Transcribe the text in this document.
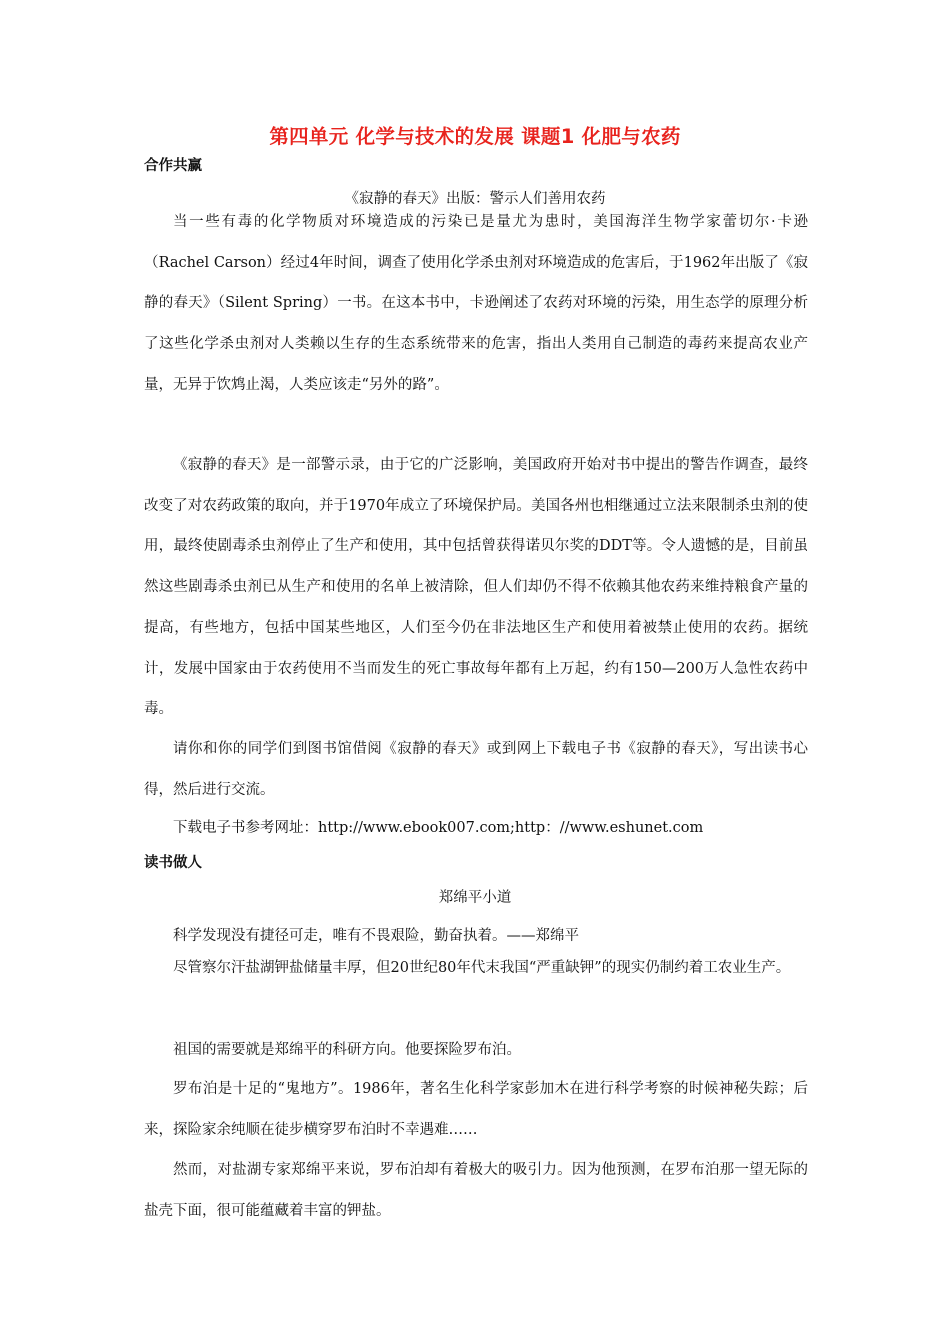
第四单元 化学与技术的发展 课题1 化肥与农药
合作共赢
《寂静的春天》出版：警示人们善用农药

当一些有毒的化学物质对环境造成的污染已是量尤为患时，美国海洋生物学家蕾切尔·卡逊（Rachel Carson）经过4年时间，调查了使用化学杀虫剂对环境造成的危害后，于1962年出版了《寂静的春天》（Silent Spring）一书。在这本书中，卡逊阐述了农药对环境的污染，用生态学的原理分析了这些化学杀虫剂对人类赖以生存的生态系统带来的危害，指出人类用自己制造的毒药来提高农业产量，无异于饮鸩止渴，人类应该走“另外的路”。

《寂静的春天》是一部警示录，由于它的广泛影响，美国政府开始对书中提出的警告作调查，最终改变了对农药政策的取向，并于1970年成立了环境保护局。美国各州也相继通过立法来限制杀虫剂的使用，最终使剧毒杀虫剂停止了生产和使用，其中包括曾获得诺贝尔奖的DDT等。令人遗憾的是，目前虽然这些剧毒杀虫剂已从生产和使用的名单上被清除，但人们却仍不得不依赖其他农药来维持粮食产量的提高，有些地方，包括中国某些地区，人们至今仍在非法地区生产和使用着被禁止使用的农药。据统计，发展中国家由于农药使用不当而发生的死亡事故每年都有上万起，约有150—200万人急性农药中毒。

请你和你的同学们到图书馆借阅《寂静的春天》或到网上下载电子书《寂静的春天》，写出读书心得，然后进行交流。

下载电子书参考网址：http://www.ebook007.com;http：//www.eshunet.com
读书做人
郑绵平小道
科学发现没有捷径可走，唯有不畏艰险，勤奋执着。——郑绵平

尽管察尔汗盐湖钾盐储量丰厚，但20世纪80年代末我国“严重缺钾”的现实仍制约着工农业生产。

祖国的需要就是郑绵平的科研方向。他要探险罗布泊。

罗布泊是十足的“鬼地方”。1986年，著名生化科学家彭加木在进行科学考察的时候神秘失踪；后来，探险家余纯顺在徒步横穿罗布泊时不幸遇难……

然而，对盐湖专家郑绵平来说，罗布泊却有着极大的吸引力。因为他预测，在罗布泊那一望无际的盐壳下面，很可能蕴藏着丰富的钾盐。
